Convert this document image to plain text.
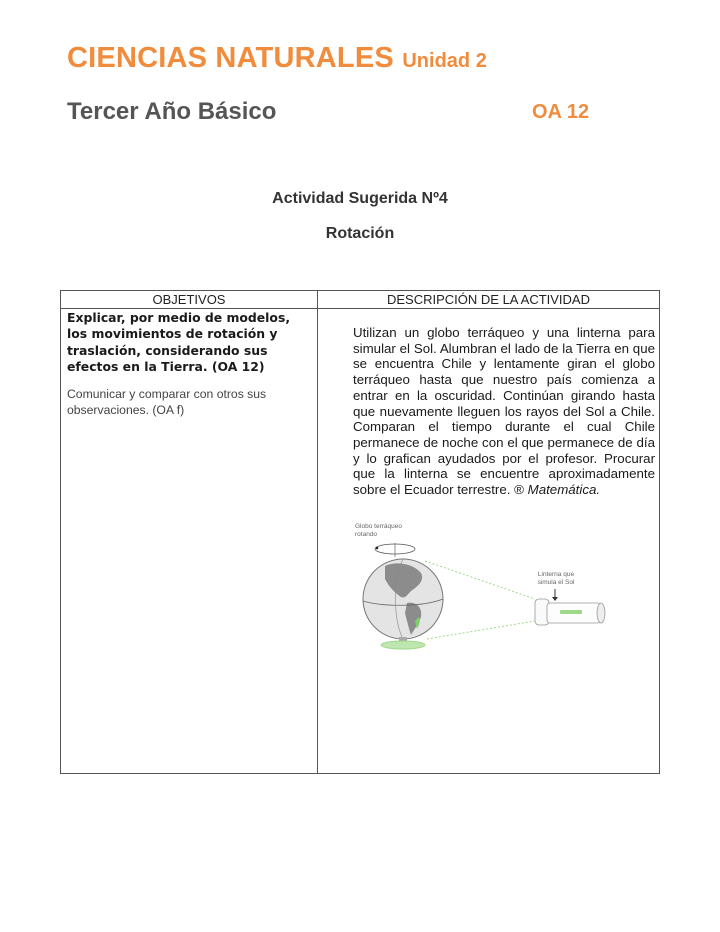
CIENCIAS NATURALES Unidad 2
Tercer Año Básico	OA 12
Actividad Sugerida Nº4
Rotación
OBJETIVOS	DESCRIPCIÓN DE LA ACTIVIDAD
Explicar, por medio de modelos, los movimientos de rotación y traslación, considerando sus efectos en la Tierra. (OA 12)
Comunicar y comparar con otros sus observaciones. (OA f)
Utilizan un globo terráqueo y una linterna para simular el Sol. Alumbran el lado de la Tierra en que se encuentra Chile y lentamente giran el globo terráqueo hasta que nuestro país comienza a entrar en la oscuridad. Continúan girando hasta que nuevamente lleguen los rayos del Sol a Chile. Comparan el tiempo durante el cual Chile permanece de noche con el que permanece de día y lo grafican ayudados por el profesor. Procurar que la linterna se encuentre aproximadamente sobre el Ecuador terrestre. ® Matemática.
Globo terráqueo rotando
Linterna que simula el Sol
